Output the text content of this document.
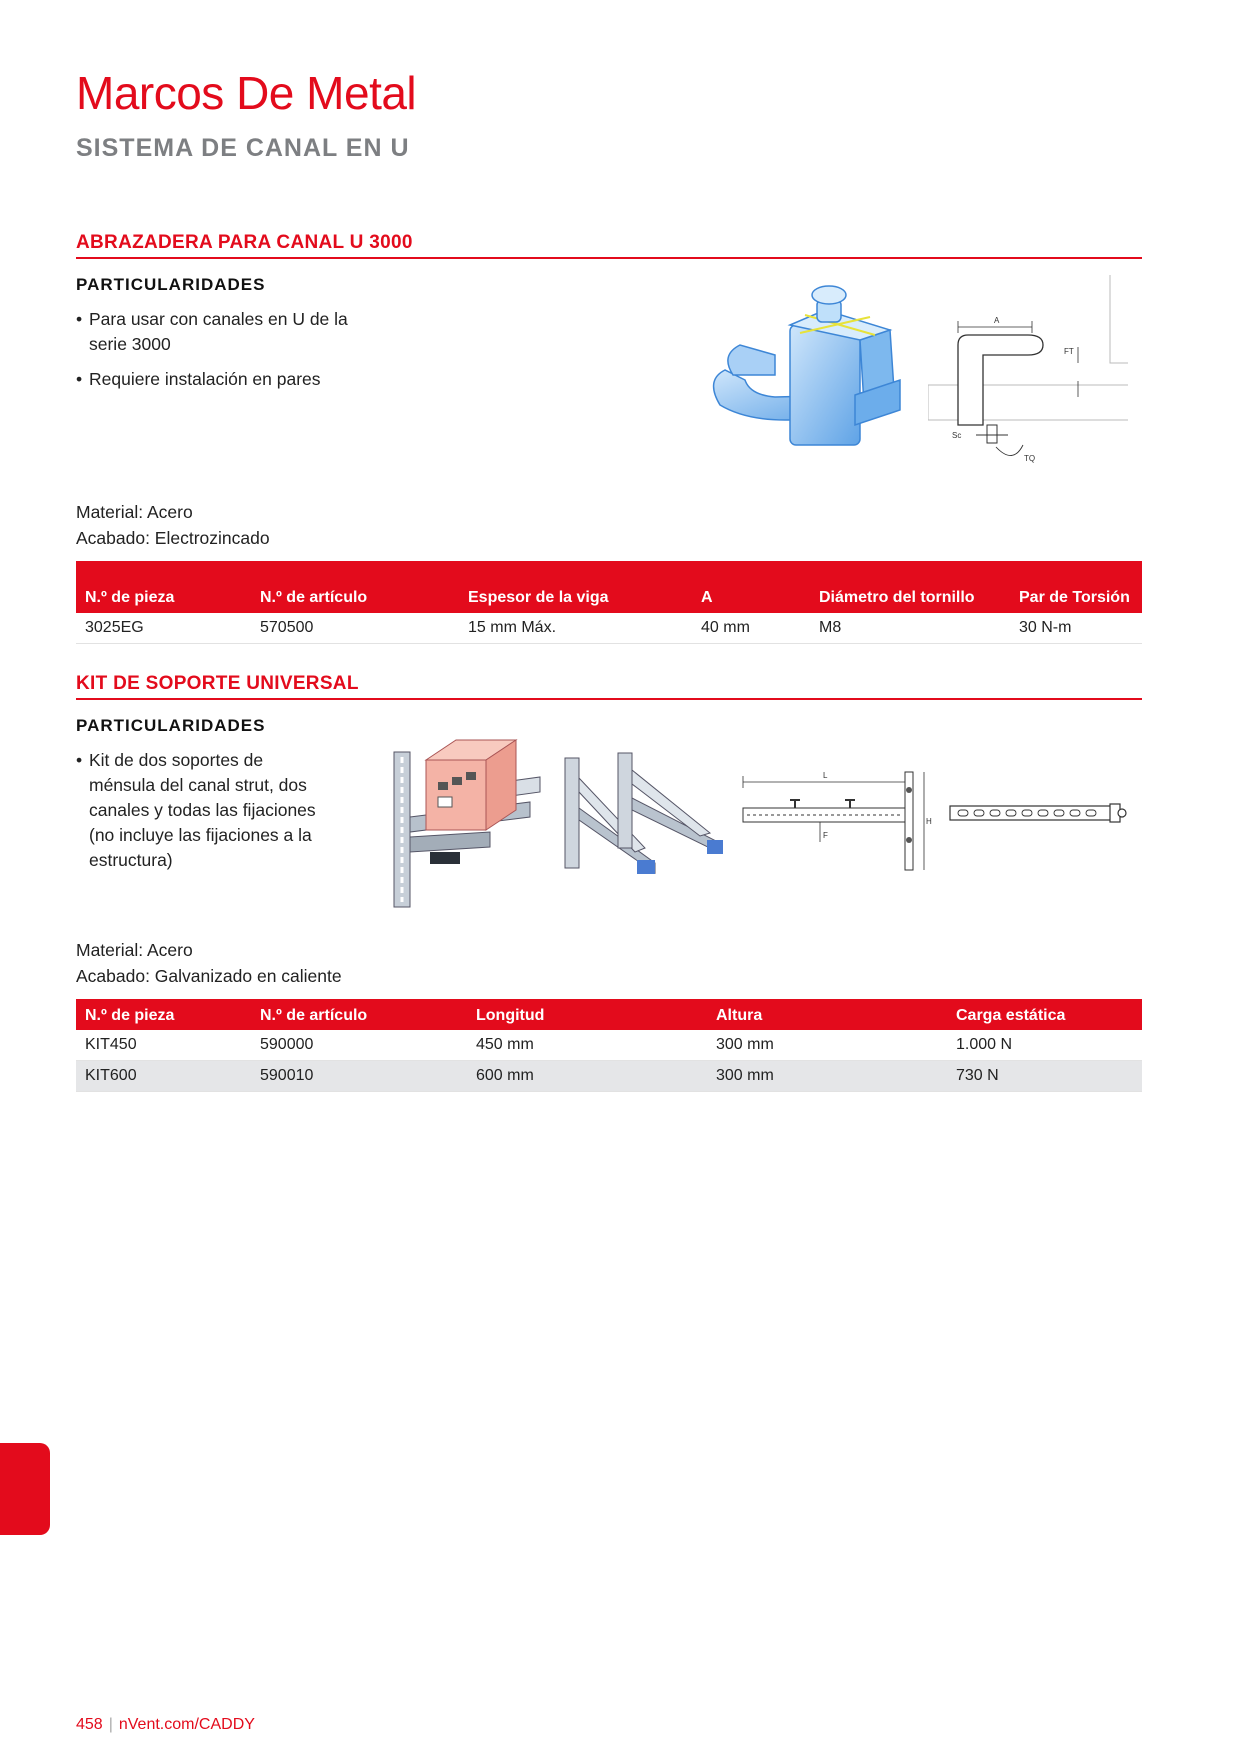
Marcos De Metal
SISTEMA DE CANAL EN U
ABRAZADERA PARA CANAL U 3000
PARTICULARIDADES
• Para usar con canales en U de la serie 3000
• Requiere instalación en pares
A
FT
Sc
TQ
Material: Acero
Acabado: Electrozincado
N.º de pieza	N.º de artículo	Espesor de la viga	A	Diámetro del tornillo	Par de Torsión
3025EG	570500	15 mm Máx.	40 mm	M8	30 N-m
KIT DE SOPORTE UNIVERSAL
PARTICULARIDADES
• Kit de dos soportes de ménsula del canal strut, dos canales y todas las fijaciones (no incluye las fijaciones a la estructura)
L
H
F
Material: Acero
Acabado: Galvanizado en caliente
N.º de pieza	N.º de artículo	Longitud	Altura	Carga estática
KIT450	590000	450 mm	300 mm	1.000 N
KIT600	590010	600 mm	300 mm	730 N
458 | nVent.com/CADDY
